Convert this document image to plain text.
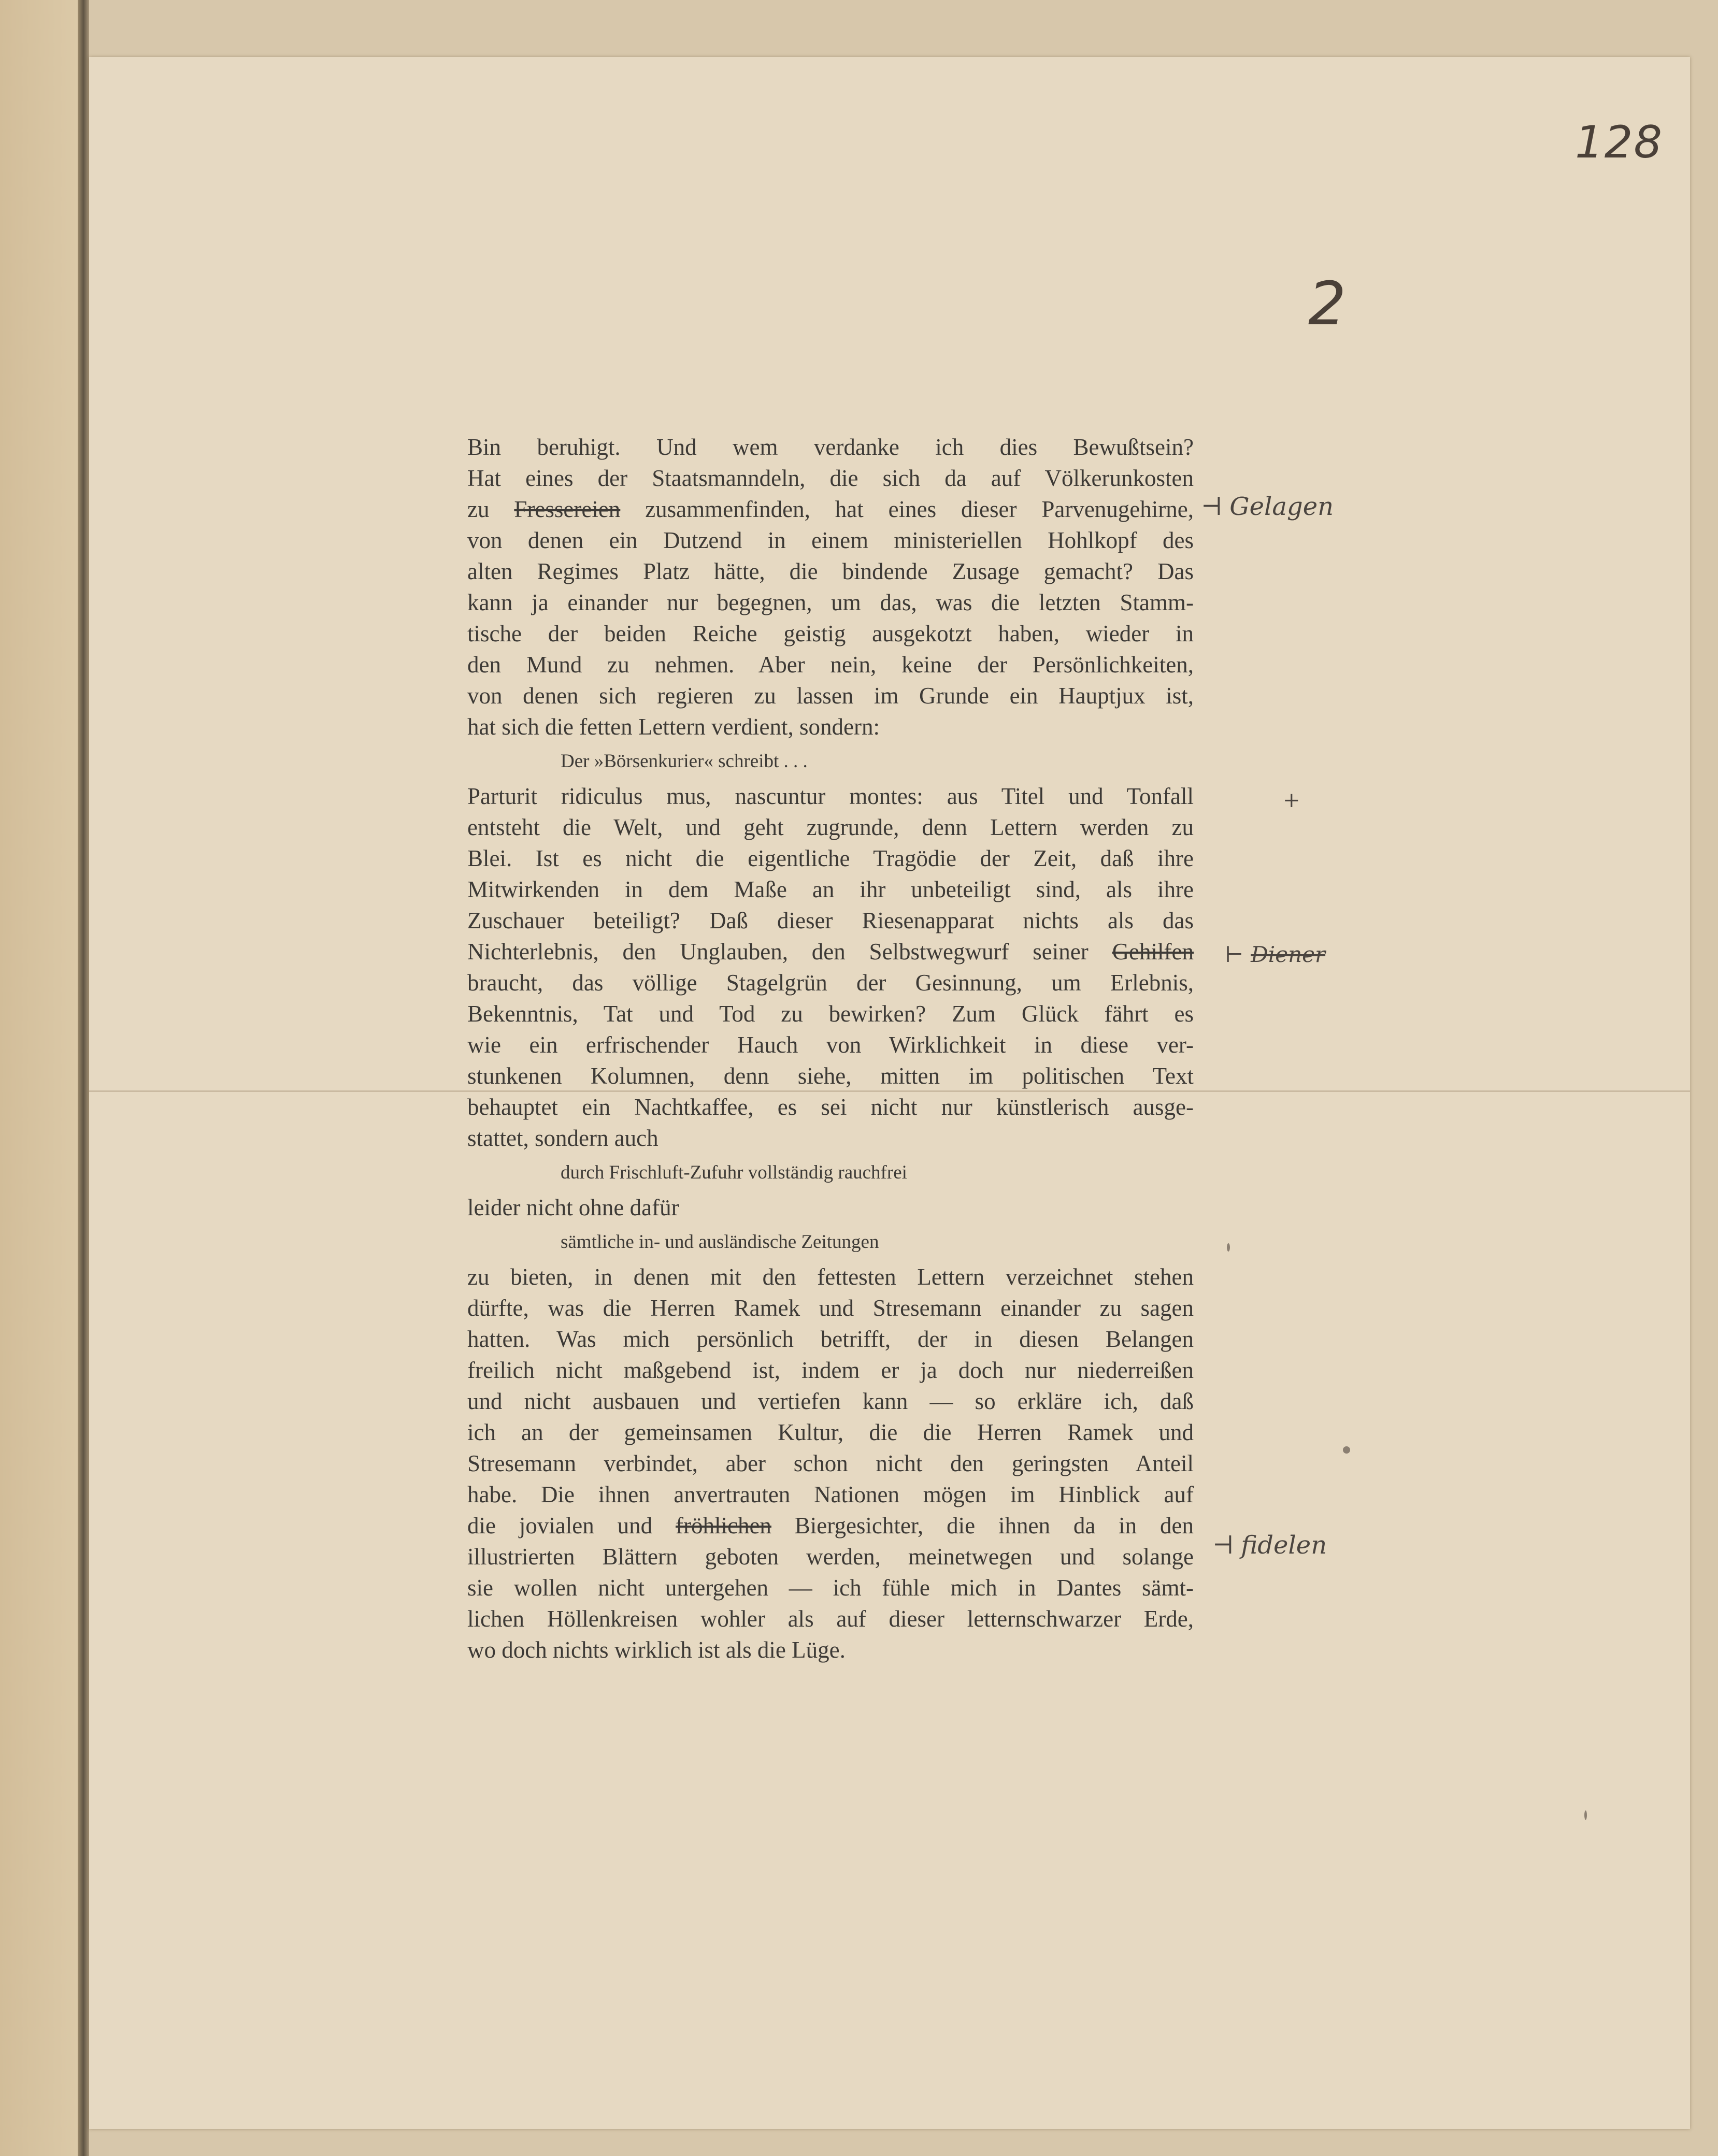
128
2
Bin beruhigt. Und wem verdanke ich dies Bewußtsein?
Hat eines der Staatsmanndeln, die sich da auf Völkerunkosten
zu Fressereien zusammenfinden, hat eines dieser Parvenugehirne,
von denen ein Dutzend in einem ministeriellen Hohlkopf des
alten Regimes Platz hätte, die bindende Zusage gemacht? Das
kann ja einander nur begegnen, um das, was die letzten Stamm-
tische der beiden Reiche geistig ausgekotzt haben, wieder in
den Mund zu nehmen. Aber nein, keine der Persönlichkeiten,
von denen sich regieren zu lassen im Grunde ein Hauptjux ist,
hat sich die fetten Lettern verdient, sondern:
Der »Börsenkurier« schreibt . . .
Parturit ridiculus mus, nascuntur montes: aus Titel und Tonfall
entsteht die Welt, und geht zugrunde, denn Lettern werden zu
Blei. Ist es nicht die eigentliche Tragödie der Zeit, daß ihre
Mitwirkenden in dem Maße an ihr unbeteiligt sind, als ihre
Zuschauer beteiligt? Daß dieser Riesenapparat nichts als das
Nichterlebnis, den Unglauben, den Selbstwegwurf seiner Gehilfen
braucht, das völlige Stagelgrün der Gesinnung, um Erlebnis,
Bekenntnis, Tat und Tod zu bewirken? Zum Glück fährt es
wie ein erfrischender Hauch von Wirklichkeit in diese ver-
stunkenen Kolumnen, denn siehe, mitten im politischen Text
behauptet ein Nachtkaffee, es sei nicht nur künstlerisch ausge-
stattet, sondern auch
durch Frischluft-Zufuhr vollständig rauchfrei
leider nicht ohne dafür
sämtliche in- und ausländische Zeitungen
zu bieten, in denen mit den fettesten Lettern verzeichnet stehen
dürfte, was die Herren Ramek und Stresemann einander zu sagen
hatten. Was mich persönlich betrifft, der in diesen Belangen
freilich nicht maßgebend ist, indem er ja doch nur niederreißen
und nicht ausbauen und vertiefen kann — so erkläre ich, daß
ich an der gemeinsamen Kultur, die die Herren Ramek und
Stresemann verbindet, aber schon nicht den geringsten Anteil
habe. Die ihnen anvertrauten Nationen mögen im Hinblick auf
die jovialen und fröhlichen Biergesichter, die ihnen da in den
illustrierten Blättern geboten werden, meinetwegen und solange
sie wollen nicht untergehen — ich fühle mich in Dantes sämt-
lichen Höllenkreisen wohler als auf dieser letternschwarzer Erde,
wo doch nichts wirklich ist als die Lüge.
⊣ Gelagen
+
⊢ Diener
⊣ fidelen
